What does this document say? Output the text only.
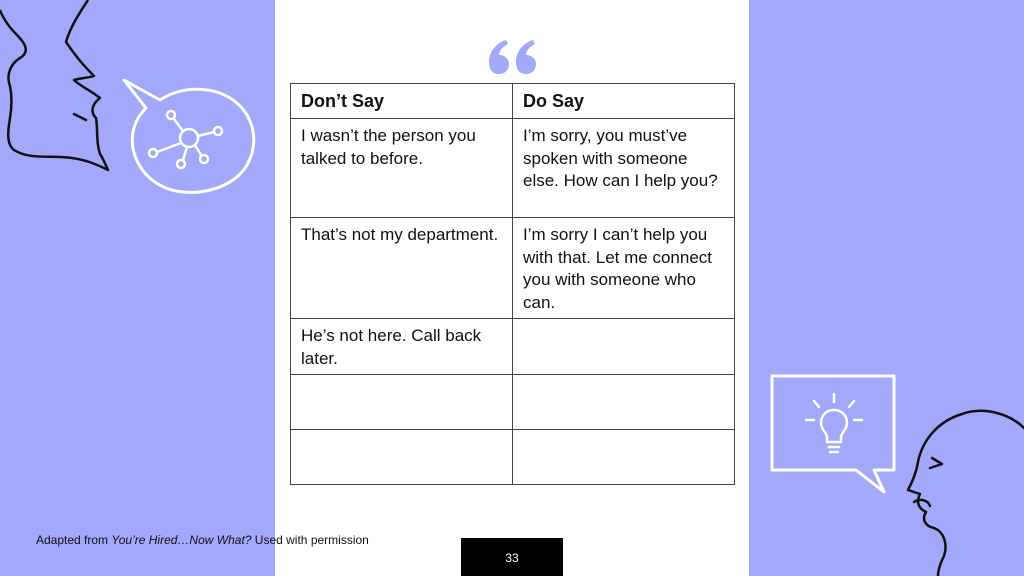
Don’t Say	Do Say
I wasn’t the person you talked to before.	I’m sorry, you must’ve spoken with someone else. How can I help you?
That’s not my department.	I’m sorry I can’t help you with that. Let me connect you with someone who can.
He’s not here. Call back later.	

Adapted from You’re Hired…Now What? Used with permission
33
